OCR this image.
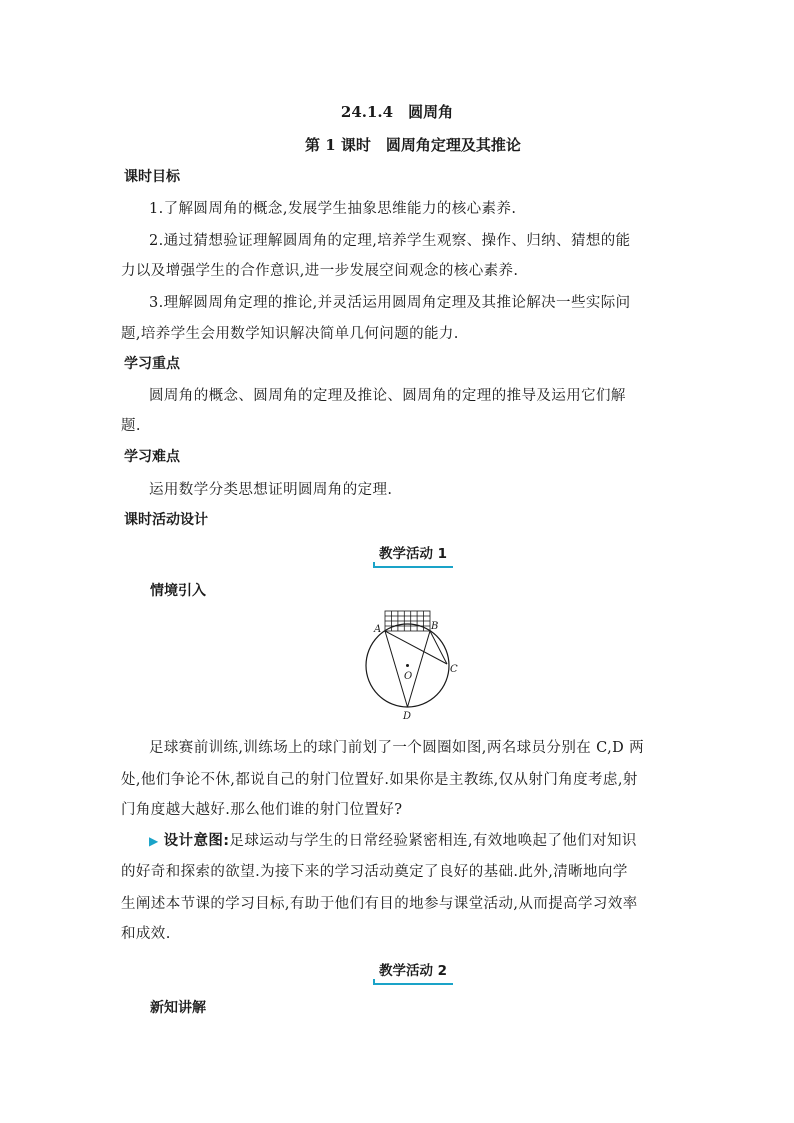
24.1.4　圆周角
第 1 课时　圆周角定理及其推论
课时目标
1.了解圆周角的概念,发展学生抽象思维能力的核心素养.
2.通过猜想验证理解圆周角的定理,培养学生观察、操作、归纳、猜想的能
力以及增强学生的合作意识,进一步发展空间观念的核心素养.
3.理解圆周角定理的推论,并灵活运用圆周角定理及其推论解决一些实际问
题,培养学生会用数学知识解决简单几何问题的能力.
学习重点
圆周角的概念、圆周角的定理及推论、圆周角的定理的推导及运用它们解
题.
学习难点
运用数学分类思想证明圆周角的定理.
课时活动设计
教学活动 1
情境引入
A	B
C
D
O
足球赛前训练,训练场上的球门前划了一个圆圈如图,两名球员分别在 C,D 两
处,他们争论不休,都说自己的射门位置好.如果你是主教练,仅从射门角度考虑,射
门角度越大越好.那么他们谁的射门位置好?
▶ 设计意图:足球运动与学生的日常经验紧密相连,有效地唤起了他们对知识
的好奇和探索的欲望.为接下来的学习活动奠定了良好的基础.此外,清晰地向学
生阐述本节课的学习目标,有助于他们有目的地参与课堂活动,从而提高学习效率
和成效.
教学活动 2
新知讲解
